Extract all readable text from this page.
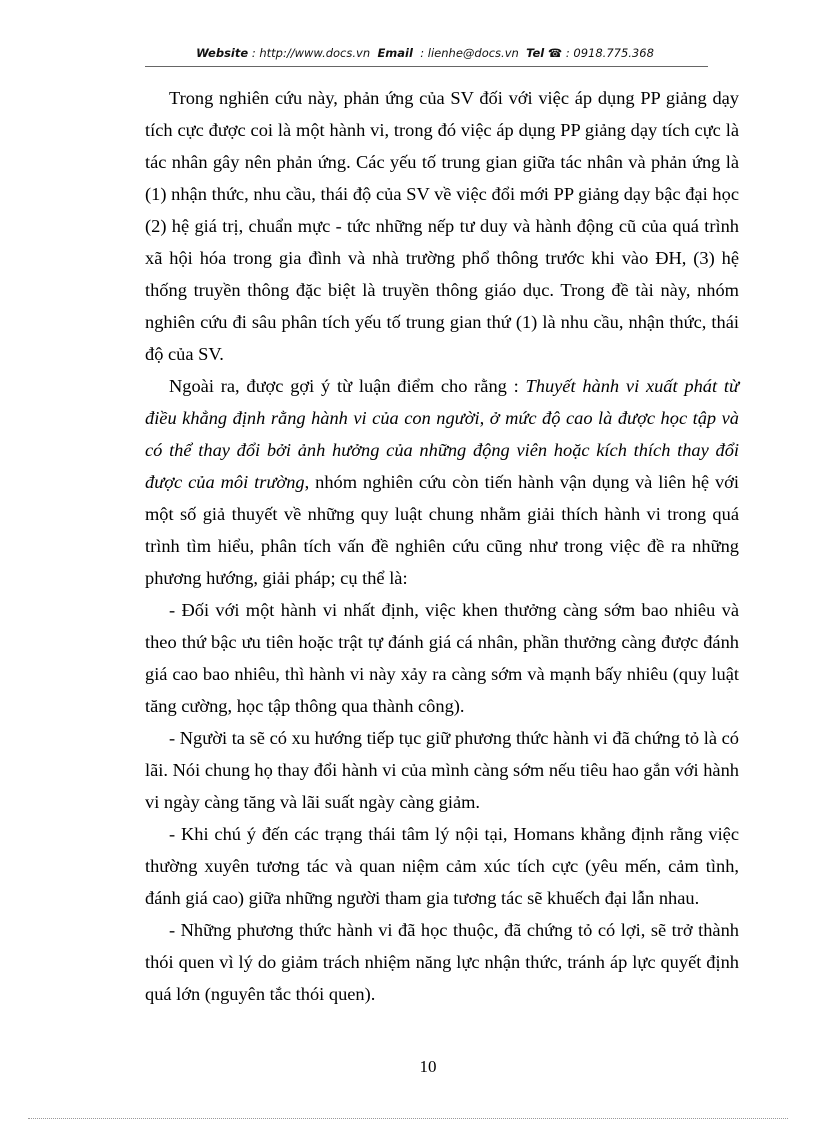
Website : http://www.docs.vn Email  : lienhe@docs.vn Tel ☎ : 0918.775.368

Trong nghiên cứu này, phản ứng của SV đối với việc áp dụng PP giảng dạy tích cực được coi là một hành vi, trong đó việc áp dụng PP giảng dạy tích cực là tác nhân gây nên phản ứng. Các yếu tố trung gian giữa tác nhân và phản ứng là (1) nhận thức, nhu cầu, thái độ của SV về việc đổi mới PP giảng dạy bậc đại học (2) hệ giá trị, chuẩn mực - tức những nếp tư duy và hành động cũ của quá trình xã hội hóa trong gia đình và nhà trường phổ thông trước khi vào ĐH, (3) hệ thống truyền thông đặc biệt là truyền thông giáo dục. Trong đề tài này, nhóm nghiên cứu đi sâu phân tích yếu tố trung gian thứ (1) là nhu cầu, nhận thức, thái độ của SV.

Ngoài ra, được gợi ý từ luận điểm cho rằng : Thuyết hành vi xuất phát từ điều khẳng định rằng hành vi của con người, ở mức độ cao là được học tập và có thể thay đổi bởi ảnh hưởng của những động viên hoặc kích thích thay đổi được của môi trường, nhóm nghiên cứu còn tiến hành vận dụng và liên hệ với một số giả thuyết về những quy luật chung nhằm giải thích hành vi trong quá trình tìm hiểu, phân tích vấn đề nghiên cứu cũng như trong việc đề ra những phương hướng, giải pháp; cụ thể là:

- Đối với một hành vi nhất định, việc khen thưởng càng sớm bao nhiêu và theo thứ bậc ưu tiên hoặc trật tự đánh giá cá nhân, phần thưởng càng được đánh giá cao bao nhiêu, thì hành vi này xảy ra càng sớm và mạnh bấy nhiêu (quy luật tăng cường, học tập thông qua thành công).

- Người ta sẽ có xu hướng tiếp tục giữ phương thức hành vi đã chứng tỏ là có lãi. Nói chung họ thay đổi hành vi của mình càng sớm nếu tiêu hao gắn với hành vi ngày càng tăng và lãi suất ngày càng giảm.

- Khi chú ý đến các trạng thái tâm lý nội tại, Homans khẳng định rằng việc thường xuyên tương tác và quan niệm cảm xúc tích cực (yêu mến, cảm tình, đánh giá cao) giữa những người tham gia tương tác sẽ khuếch đại lẫn nhau.

- Những phương thức hành vi đã học thuộc, đã chứng tỏ có lợi, sẽ trở thành thói quen vì lý do giảm trách nhiệm năng lực nhận thức, tránh áp lực quyết định quá lớn (nguyên tắc thói quen).

10
